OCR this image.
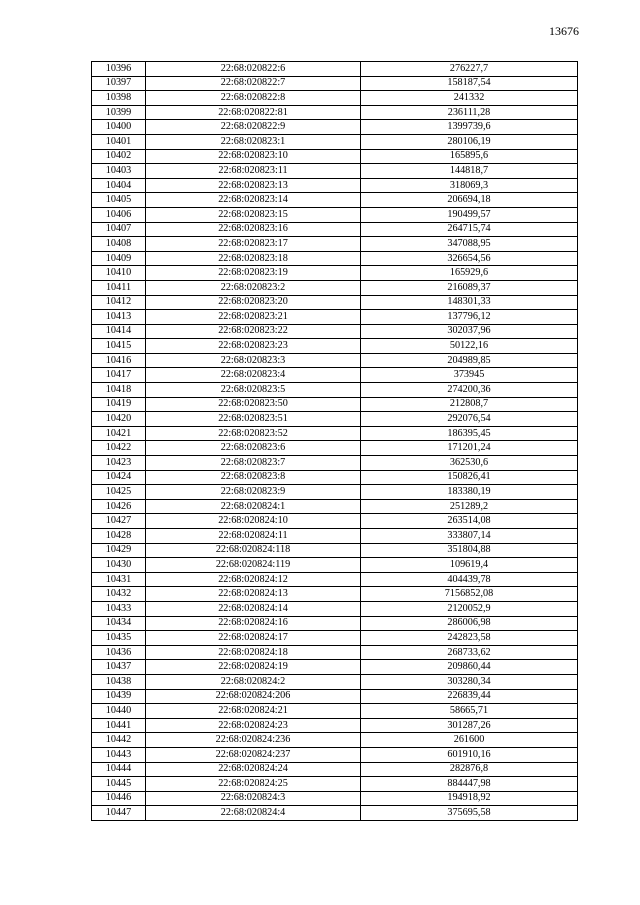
13676
10396	22:68:020822:6	276227,7
10397	22:68:020822:7	158187,54
10398	22:68:020822:8	241332
10399	22:68:020822:81	236111,28
10400	22:68:020822:9	1399739,6
10401	22:68:020823:1	280106,19
10402	22:68:020823:10	165895,6
10403	22:68:020823:11	144818,7
10404	22:68:020823:13	318069,3
10405	22:68:020823:14	206694,18
10406	22:68:020823:15	190499,57
10407	22:68:020823:16	264715,74
10408	22:68:020823:17	347088,95
10409	22:68:020823:18	326654,56
10410	22:68:020823:19	165929,6
10411	22:68:020823:2	216089,37
10412	22:68:020823:20	148301,33
10413	22:68:020823:21	137796,12
10414	22:68:020823:22	302037,96
10415	22:68:020823:23	50122,16
10416	22:68:020823:3	204989,85
10417	22:68:020823:4	373945
10418	22:68:020823:5	274200,36
10419	22:68:020823:50	212808,7
10420	22:68:020823:51	292076,54
10421	22:68:020823:52	186395,45
10422	22:68:020823:6	171201,24
10423	22:68:020823:7	362530,6
10424	22:68:020823:8	150826,41
10425	22:68:020823:9	183380,19
10426	22:68:020824:1	251289,2
10427	22:68:020824:10	263514,08
10428	22:68:020824:11	333807,14
10429	22:68:020824:118	351804,88
10430	22:68:020824:119	109619,4
10431	22:68:020824:12	404439,78
10432	22:68:020824:13	7156852,08
10433	22:68:020824:14	2120052,9
10434	22:68:020824:16	286006,98
10435	22:68:020824:17	242823,58
10436	22:68:020824:18	268733,62
10437	22:68:020824:19	209860,44
10438	22:68:020824:2	303280,34
10439	22:68:020824:206	226839,44
10440	22:68:020824:21	58665,71
10441	22:68:020824:23	301287,26
10442	22:68:020824:236	261600
10443	22:68:020824:237	601910,16
10444	22:68:020824:24	282876,8
10445	22:68:020824:25	884447,98
10446	22:68:020824:3	194918,92
10447	22:68:020824:4	375695,58
